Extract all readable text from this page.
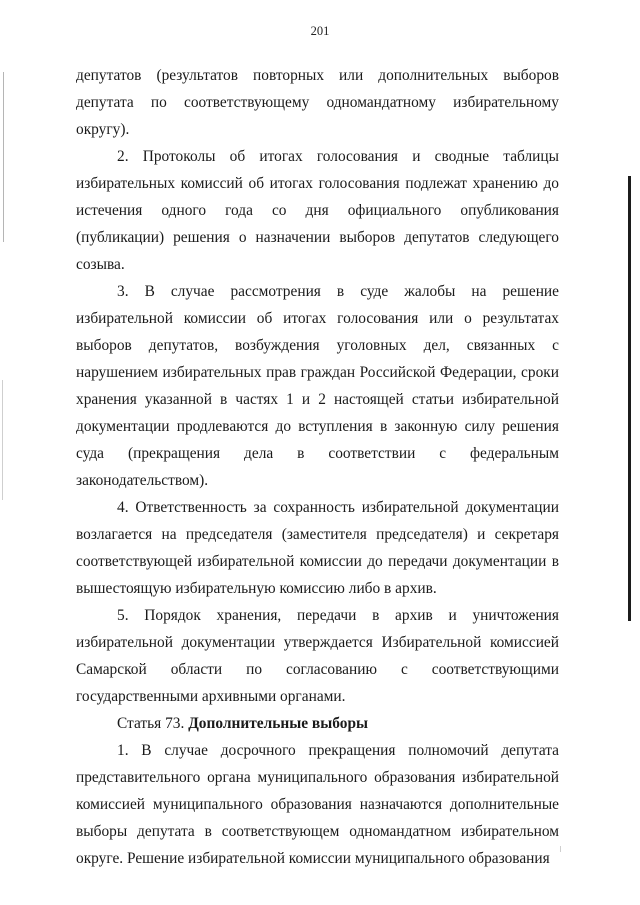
201

депутатов (результатов повторных или дополнительных выборов депутата по соответствующему одномандатному избирательному округу).

2. Протоколы об итогах голосования и сводные таблицы избирательных комиссий об итогах голосования подлежат хранению до истечения одного года со дня официального опубликования (публикации) решения о назначении выборов депутатов следующего созыва.

3. В случае рассмотрения в суде жалобы на решение избирательной комиссии об итогах голосования или о результатах выборов депутатов, возбуждения уголовных дел, связанных с нарушением избирательных прав граждан Российской Федерации, сроки хранения указанной в частях 1 и 2 настоящей статьи избирательной документации продлеваются до вступления в законную силу решения суда (прекращения дела в соответствии с федеральным законодательством).

4. Ответственность за сохранность избирательной документации возлагается на председателя (заместителя председателя) и секретаря соответствующей избирательной комиссии до передачи документации в вышестоящую избирательную комиссию либо в архив.

5. Порядок хранения, передачи в архив и уничтожения избирательной документации утверждается Избирательной комиссией Самарской области по согласованию с соответствующими государственными архивными органами.

Статья 73. Дополнительные выборы

1. В случае досрочного прекращения полномочий депутата представительного органа муниципального образования избирательной комиссией муниципального образования назначаются дополнительные выборы депутата в соответствующем одномандатном избирательном округе. Решение избирательной комиссии муниципального образования
